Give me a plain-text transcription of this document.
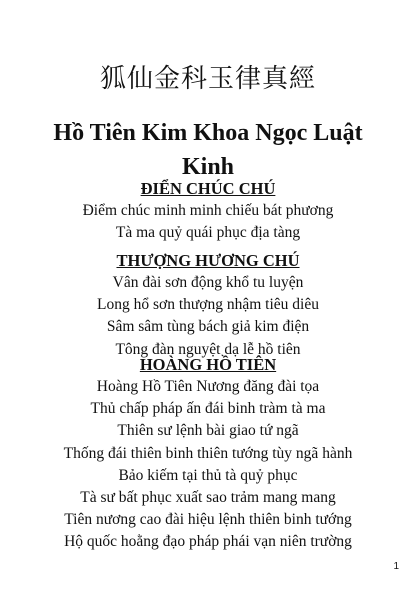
狐仙金科玉律真經
Hồ Tiên Kim Khoa Ngọc Luật
Kinh
ĐIỂN CHÚC CHÚ
Điểm chúc minh minh chiếu bát phương
Tà ma quỷ quái phục địa tàng
THƯỢNG HƯƠNG CHÚ
Vân đài sơn động khổ tu luyện
Long hổ sơn thượng nhậm tiêu diêu
Sâm sâm tùng bách giả kim điện
Tông đàn nguyệt dạ lễ hồ tiên
HOÀNG HỒ TIÊN
Hoàng Hồ Tiên Nương đăng đài tọa
Thủ chấp pháp ấn đái binh tràm tà ma
Thiên sư lệnh bài giao tứ ngã
Thống đái thiên binh thiên tướng tùy ngã hành
Bảo kiếm tại thủ tà quỷ phục
Tà sư bất phục xuất sao trảm mang mang
Tiên nương cao đài hiệu lệnh thiên binh tướng
Hộ quốc hoằng đạo pháp phái vạn niên trường
1
